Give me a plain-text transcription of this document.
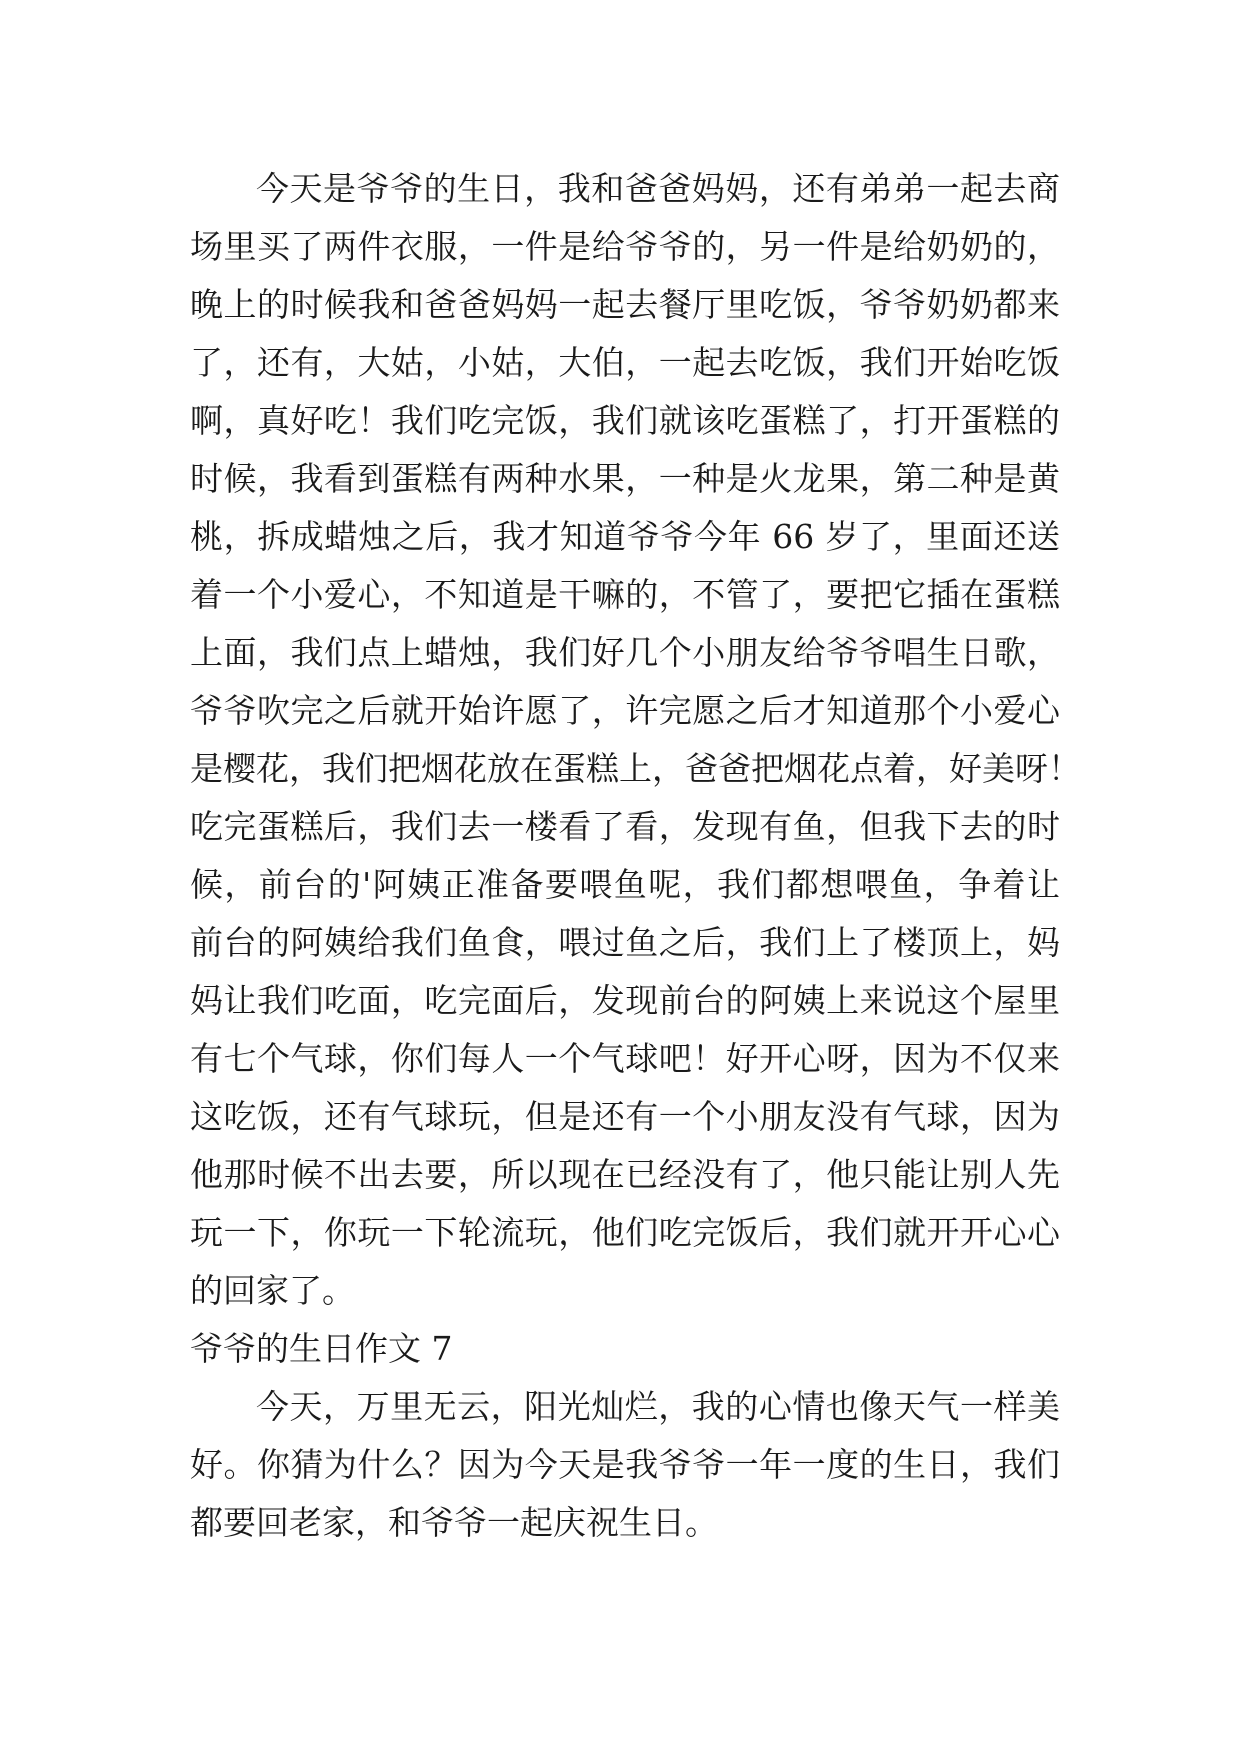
今天是爷爷的生日，我和爸爸妈妈，还有弟弟一起去商
场里买了两件衣服，一件是给爷爷的，另一件是给奶奶的，
晚上的时候我和爸爸妈妈一起去餐厅里吃饭，爷爷奶奶都来
了，还有，大姑，小姑，大伯，一起去吃饭，我们开始吃饭
啊，真好吃！我们吃完饭，我们就该吃蛋糕了，打开蛋糕的
时候，我看到蛋糕有两种水果，一种是火龙果，第二种是黄
桃，拆成蜡烛之后，我才知道爷爷今年 66 岁了，里面还送
着一个小爱心，不知道是干嘛的，不管了，要把它插在蛋糕
上面，我们点上蜡烛，我们好几个小朋友给爷爷唱生日歌，
爷爷吹完之后就开始许愿了，许完愿之后才知道那个小爱心
是樱花，我们把烟花放在蛋糕上，爸爸把烟花点着，好美呀！
吃完蛋糕后，我们去一楼看了看，发现有鱼，但我下去的时
候，前台的'阿姨正准备要喂鱼呢，我们都想喂鱼，争着让
前台的阿姨给我们鱼食，喂过鱼之后，我们上了楼顶上，妈
妈让我们吃面，吃完面后，发现前台的阿姨上来说这个屋里
有七个气球，你们每人一个气球吧！好开心呀，因为不仅来
这吃饭，还有气球玩，但是还有一个小朋友没有气球，因为
他那时候不出去要，所以现在已经没有了，他只能让别人先
玩一下，你玩一下轮流玩，他们吃完饭后，我们就开开心心
的回家了。
爷爷的生日作文 7
今天，万里无云，阳光灿烂，我的心情也像天气一样美
好。你猜为什么？因为今天是我爷爷一年一度的生日，我们
都要回老家，和爷爷一起庆祝生日。
